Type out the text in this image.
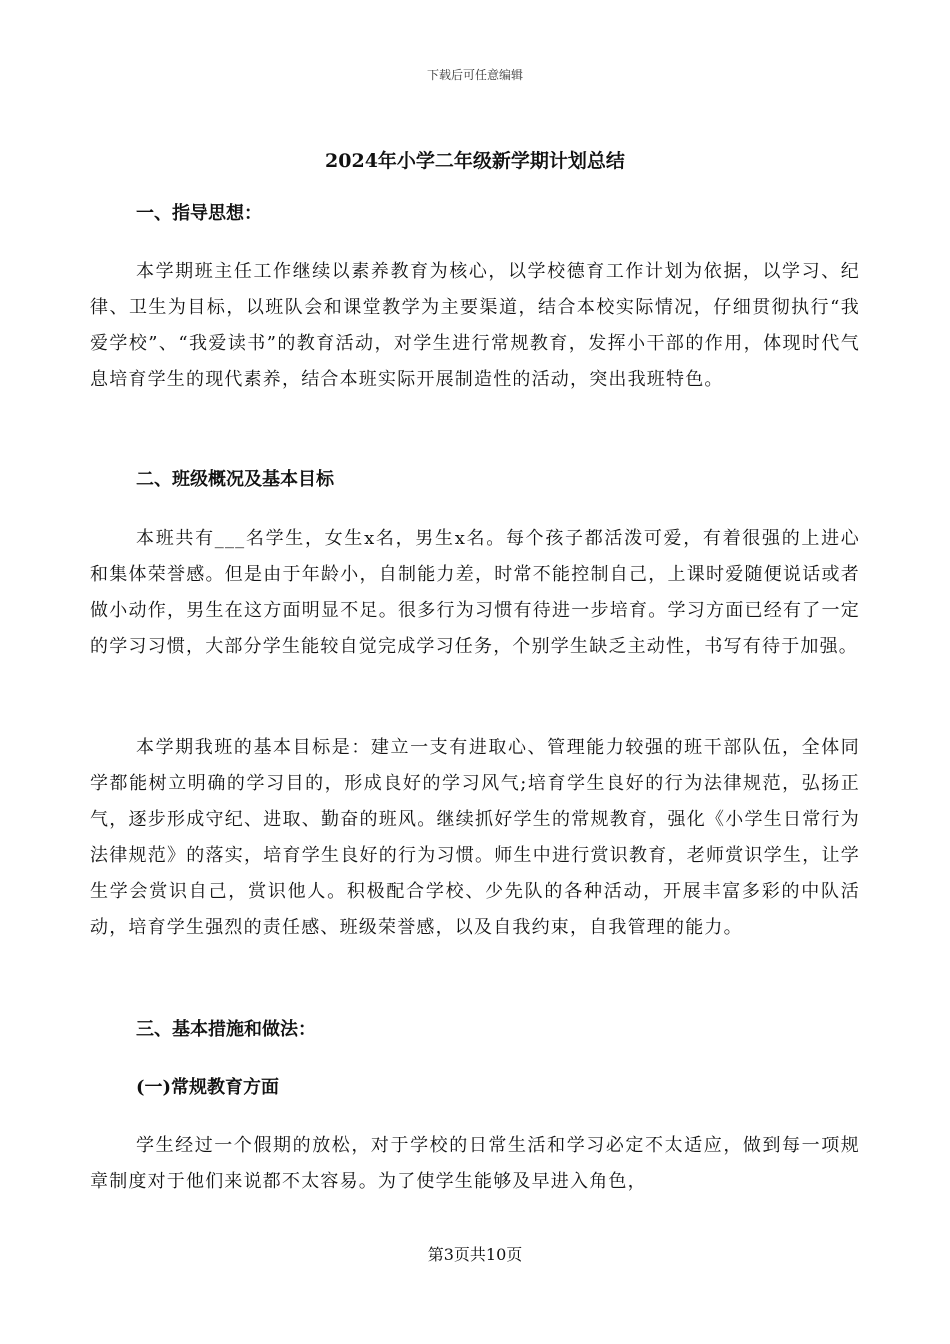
下载后可任意编辑
2024年小学二年级新学期计划总结

一、指导思想：

本学期班主任工作继续以素养教育为核心，以学校德育工作计划为依据，以学习、纪律、卫生为目标，以班队会和课堂教学为主要渠道，结合本校实际情况，仔细贯彻执行“我爱学校”、“我爱读书”的教育活动，对学生进行常规教育，发挥小干部的作用，体现时代气息培育学生的现代素养，结合本班实际开展制造性的活动，突出我班特色。

二、班级概况及基本目标

本班共有___名学生，女生x名，男生x名。每个孩子都活泼可爱，有着很强的上进心和集体荣誉感。但是由于年龄小，自制能力差，时常不能控制自己，上课时爱随便说话或者做小动作，男生在这方面明显不足。很多行为习惯有待进一步培育。学习方面已经有了一定的学习习惯，大部分学生能较自觉完成学习任务，个别学生缺乏主动性，书写有待于加强。

本学期我班的基本目标是：建立一支有进取心、管理能力较强的班干部队伍，全体同学都能树立明确的学习目的，形成良好的学习风气;培育学生良好的行为法律规范，弘扬正气，逐步形成守纪、进取、勤奋的班风。继续抓好学生的常规教育，强化《小学生日常行为法律规范》的落实，培育学生良好的行为习惯。师生中进行赏识教育，老师赏识学生，让学生学会赏识自己，赏识他人。积极配合学校、少先队的各种活动，开展丰富多彩的中队活动，培育学生强烈的责任感、班级荣誉感，以及自我约束，自我管理的能力。

三、基本措施和做法：

(一)常规教育方面

学生经过一个假期的放松，对于学校的日常生活和学习必定不太适应，做到每一项规章制度对于他们来说都不太容易。为了使学生能够及早进入角色，

第3页共10页
